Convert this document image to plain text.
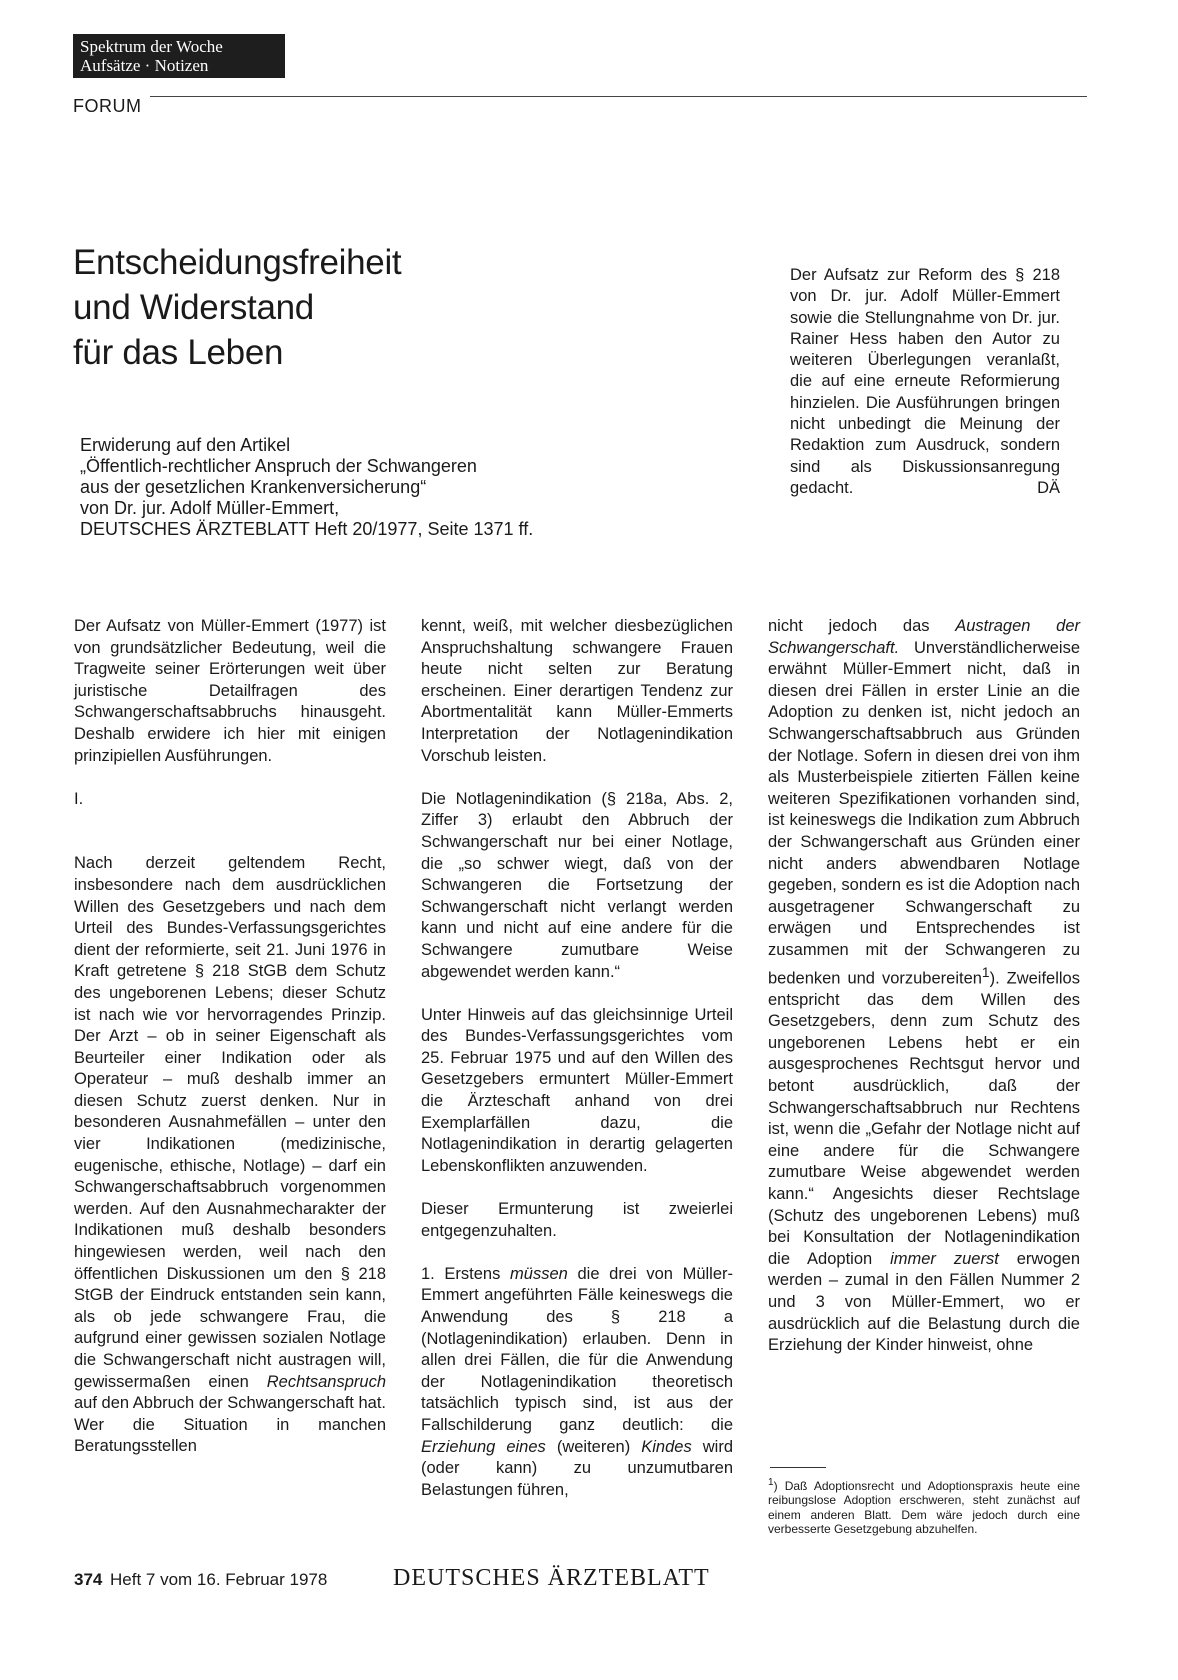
Spektrum der Woche
Aufsätze · Notizen
FORUM
Entscheidungsfreiheit
und Widerstand
für das Leben
Erwiderung auf den Artikel
„Öffentlich-rechtlicher Anspruch der Schwangeren
aus der gesetzlichen Krankenversicherung“
von Dr. jur. Adolf Müller-Emmert,
DEUTSCHES ÄRZTEBLATT Heft 20/1977, Seite 1371 ff.
Der Aufsatz zur Reform des § 218 von Dr. jur. Adolf Müller-Emmert sowie die Stellungnahme von Dr. jur. Rainer Hess haben den Autor zu weiteren Überlegungen veranlaßt, die auf eine erneute Reformierung hinzielen. Die Ausführungen bringen nicht unbedingt die Meinung der Redaktion zum Ausdruck, sondern sind als Diskussionsanregung gedacht.	DÄ

Der Aufsatz von Müller-Emmert (1977) ist von grundsätzlicher Bedeutung, weil die Tragweite seiner Erörterungen weit über juristische Detailfragen des Schwangerschaftsabbruchs hinausgeht. Deshalb erwidere ich hier mit einigen prinzipiellen Ausführungen.

I.

Nach derzeit geltendem Recht, insbesondere nach dem ausdrücklichen Willen des Gesetzgebers und nach dem Urteil des Bundes-Verfassungsgerichtes dient der reformierte, seit 21. Juni 1976 in Kraft getretene § 218 StGB dem Schutz des ungeborenen Lebens; dieser Schutz ist nach wie vor hervorragendes Prinzip. Der Arzt – ob in seiner Eigenschaft als Beurteiler einer Indikation oder als Operateur – muß deshalb immer an diesen Schutz zuerst denken. Nur in besonderen Ausnahmefällen – unter den vier Indikationen (medizinische, eugenische, ethische, Notlage) – darf ein Schwangerschaftsabbruch vorgenommen werden. Auf den Ausnahmecharakter der Indikationen muß deshalb besonders hingewiesen werden, weil nach den öffentlichen Diskussionen um den § 218 StGB der Eindruck entstanden sein kann, als ob jede schwangere Frau, die aufgrund einer gewissen sozialen Notlage die Schwangerschaft nicht austragen will, gewissermaßen einen Rechtsanspruch auf den Abbruch der Schwangerschaft hat. Wer die Situation in manchen Beratungsstellen

kennt, weiß, mit welcher diesbezüglichen Anspruchshaltung schwangere Frauen heute nicht selten zur Beratung erscheinen. Einer derartigen Tendenz zur Abortmentalität kann Müller-Emmerts Interpretation der Notlagenindikation Vorschub leisten.

Die Notlagenindikation (§ 218a, Abs. 2, Ziffer 3) erlaubt den Abbruch der Schwangerschaft nur bei einer Notlage, die „so schwer wiegt, daß von der Schwangeren die Fortsetzung der Schwangerschaft nicht verlangt werden kann und nicht auf eine andere für die Schwangere zumutbare Weise abgewendet werden kann.“

Unter Hinweis auf das gleichsinnige Urteil des Bundes-Verfassungsgerichtes vom 25. Februar 1975 und auf den Willen des Gesetzgebers ermuntert Müller-Emmert die Ärzteschaft anhand von drei Exemplarfällen dazu, die Notlagenindikation in derartig gelagerten Lebenskonflikten anzuwenden.

Dieser Ermunterung ist zweierlei entgegenzuhalten.

1. Erstens müssen die drei von Müller-Emmert angeführten Fälle keineswegs die Anwendung des § 218 a (Notlagenindikation) erlauben. Denn in allen drei Fällen, die für die Anwendung der Notlagenindikation theoretisch tatsächlich typisch sind, ist aus der Fallschilderung ganz deutlich: die Erziehung eines (weiteren) Kindes wird (oder kann) zu unzumutbaren Belastungen führen,

nicht jedoch das Austragen der Schwangerschaft. Unverständlicherweise erwähnt Müller-Emmert nicht, daß in diesen drei Fällen in erster Linie an die Adoption zu denken ist, nicht jedoch an Schwangerschaftsabbruch aus Gründen der Notlage. Sofern in diesen drei von ihm als Musterbeispiele zitierten Fällen keine weiteren Spezifikationen vorhanden sind, ist keineswegs die Indikation zum Abbruch der Schwangerschaft aus Gründen einer nicht anders abwendbaren Notlage gegeben, sondern es ist die Adoption nach ausgetragener Schwangerschaft zu erwägen und Entsprechendes ist zusammen mit der Schwangeren zu bedenken und vorzubereiten$^1$). Zweifellos entspricht das dem Willen des Gesetzgebers, denn zum Schutz des ungeborenen Lebens hebt er ein ausgesprochenes Rechtsgut hervor und betont ausdrücklich, daß der Schwangerschaftsabbruch nur Rechtens ist, wenn die „Gefahr der Notlage nicht auf eine andere für die Schwangere zumutbare Weise abgewendet werden kann.“ Angesichts dieser Rechtslage (Schutz des ungeborenen Lebens) muß bei Konsultation der Notlagenindikation die Adoption immer zuerst erwogen werden – zumal in den Fällen Nummer 2 und 3 von Müller-Emmert, wo er ausdrücklich auf die Belastung durch die Erziehung der Kinder hinweist, ohne

$^1$) Daß Adoptionsrecht und Adoptionspraxis heute eine reibungslose Adoption erschweren, steht zunächst auf einem anderen Blatt. Dem wäre jedoch durch eine verbesserte Gesetzgebung abzuhelfen.
374 Heft 7 vom 16. Februar 1978	DEUTSCHES ÄRZTEBLATT
